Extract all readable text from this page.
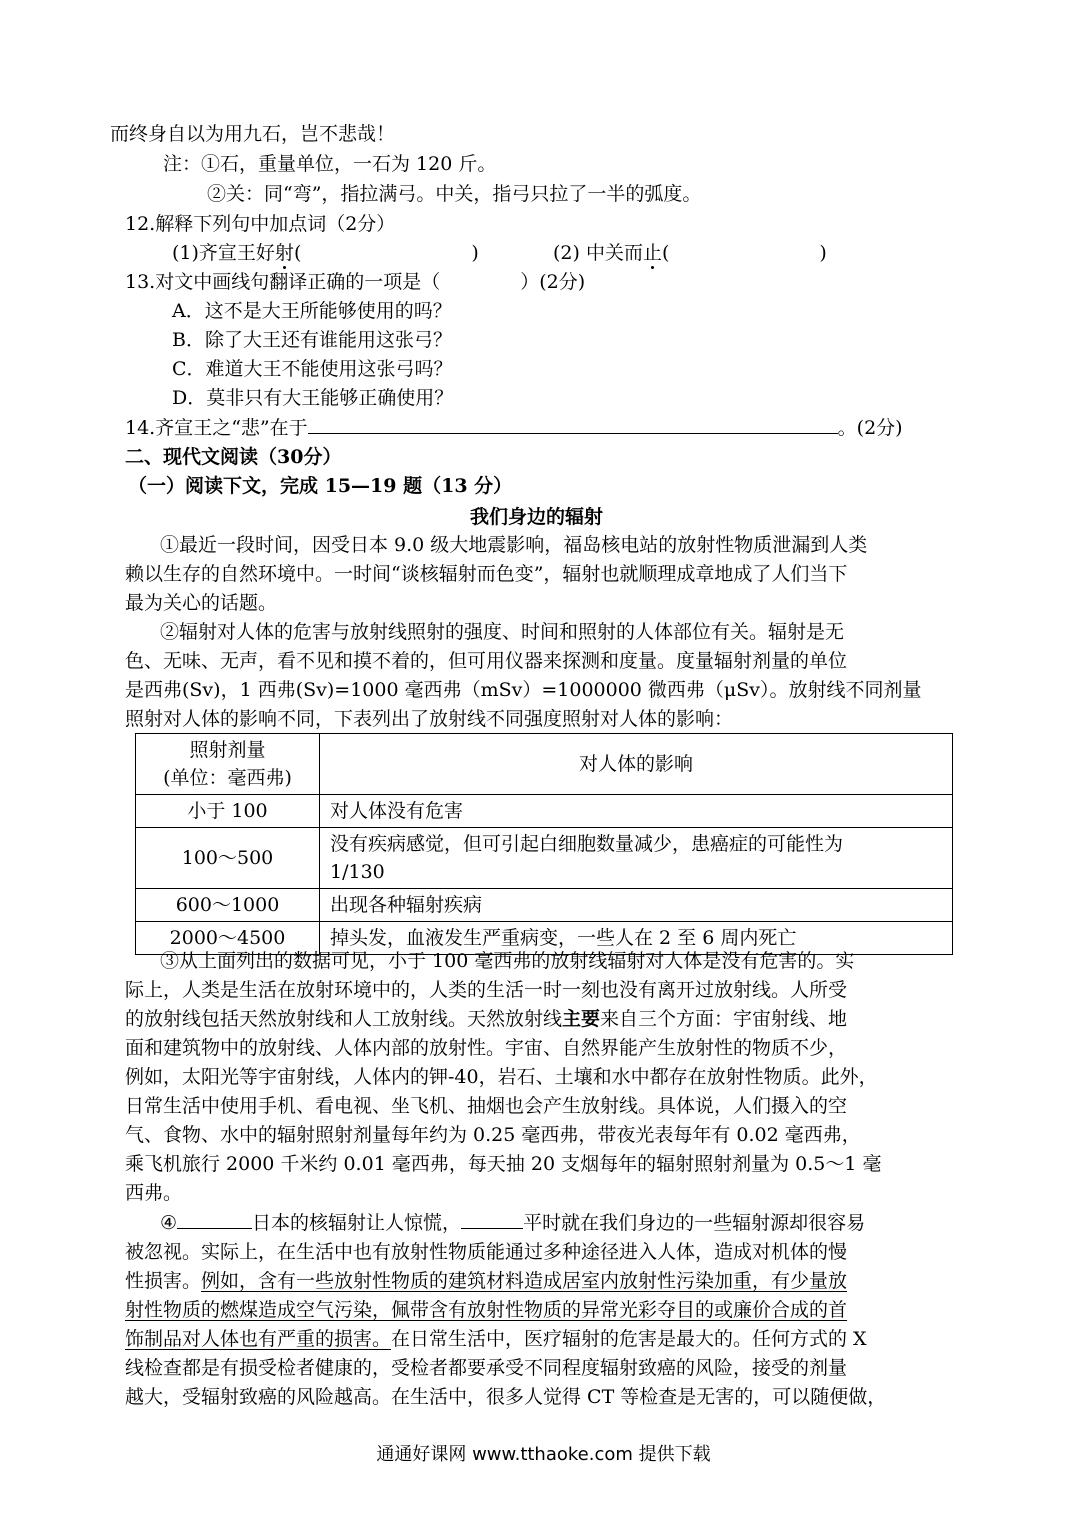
而终身自以为用九石，岂不悲哉！
注：①石，重量单位，一石为 120 斤。
②关：同“弯”，指拉满弓。中关，指弓只拉了一半的弧度。
12.解释下列句中加点词（2分）
(1)齐宣王好射(	)	(2) 中关而止(	)
13.对文中画线句翻译正确的一项是（	）(2分)
A．这不是大王所能够使用的吗？
B．除了大王还有谁能用这张弓？
C．难道大王不能使用这张弓吗？
D．莫非只有大王能够正确使用？
14.齐宣王之“悲”在于	。(2分)
二、现代文阅读（30分）
（一）阅读下文，完成 15—19 题（13 分）
我们身边的辐射
①最近一段时间，因受日本 9.0 级大地震影响，福岛核电站的放射性物质泄漏到人类
赖以生存的自然环境中。一时间“谈核辐射而色变”，辐射也就顺理成章地成了人们当下
最为关心的话题。
②辐射对人体的危害与放射线照射的强度、时间和照射的人体部位有关。辐射是无
色、无味、无声，看不见和摸不着的，但可用仪器来探测和度量。度量辐射剂量的单位
是西弗(Sv)，1 西弗(Sv)=1000 毫西弗（mSv）=1000000 微西弗（μSv）。放射线不同剂量
照射对人体的影响不同，下表列出了放射线不同强度照射对人体的影响：
照射剂量
(单位：毫西弗)	对人体的影响
小于 100	对人体没有危害
100～500	没有疾病感觉，但可引起白细胞数量减少，患癌症的可能性为
1/130

600～1000	出现各种辐射疾病
2000～4500	掉头发，血液发生严重病变，一些人在 2 至 6 周内死亡
③从上面列出的数据可见，小于 100 毫西弗的放射线辐射对人体是没有危害的。实
际上，人类是生活在放射环境中的，人类的生活一时一刻也没有离开过放射线。人所受
的放射线包括天然放射线和人工放射线。天然放射线主要来自三个方面：宇宙射线、地
面和建筑物中的放射线、人体内部的放射性。宇宙、自然界能产生放射性的物质不少，
例如，太阳光等宇宙射线，人体内的钾-40，岩石、土壤和水中都存在放射性物质。此外，
日常生活中使用手机、看电视、坐飞机、抽烟也会产生放射线。具体说，人们摄入的空
气、食物、水中的辐射照射剂量每年约为 0.25 毫西弗，带夜光表每年有 0.02 毫西弗，
乘飞机旅行 2000 千米约 0.01 毫西弗，每天抽 20 支烟每年的辐射照射剂量为 0.5～1 毫
西弗。
④	日本的核辐射让人惊慌，	平时就在我们身边的一些辐射源却很容易
被忽视。实际上，在生活中也有放射性物质能通过多种途径进入人体，造成对机体的慢
性损害。例如，含有一些放射性物质的建筑材料造成居室内放射性污染加重，有少量放
射性物质的燃煤造成空气污染，佩带含有放射性物质的异常光彩夺目的或廉价合成的首
饰制品对人体也有严重的损害。在日常生活中，医疗辐射的危害是最大的。任何方式的 X
线检查都是有损受检者健康的，受检者都要承受不同程度辐射致癌的风险，接受的剂量
越大，受辐射致癌的风险越高。在生活中，很多人觉得 CT 等检查是无害的，可以随便做，
通通好课网 www.tthaoke.com 提供下载
